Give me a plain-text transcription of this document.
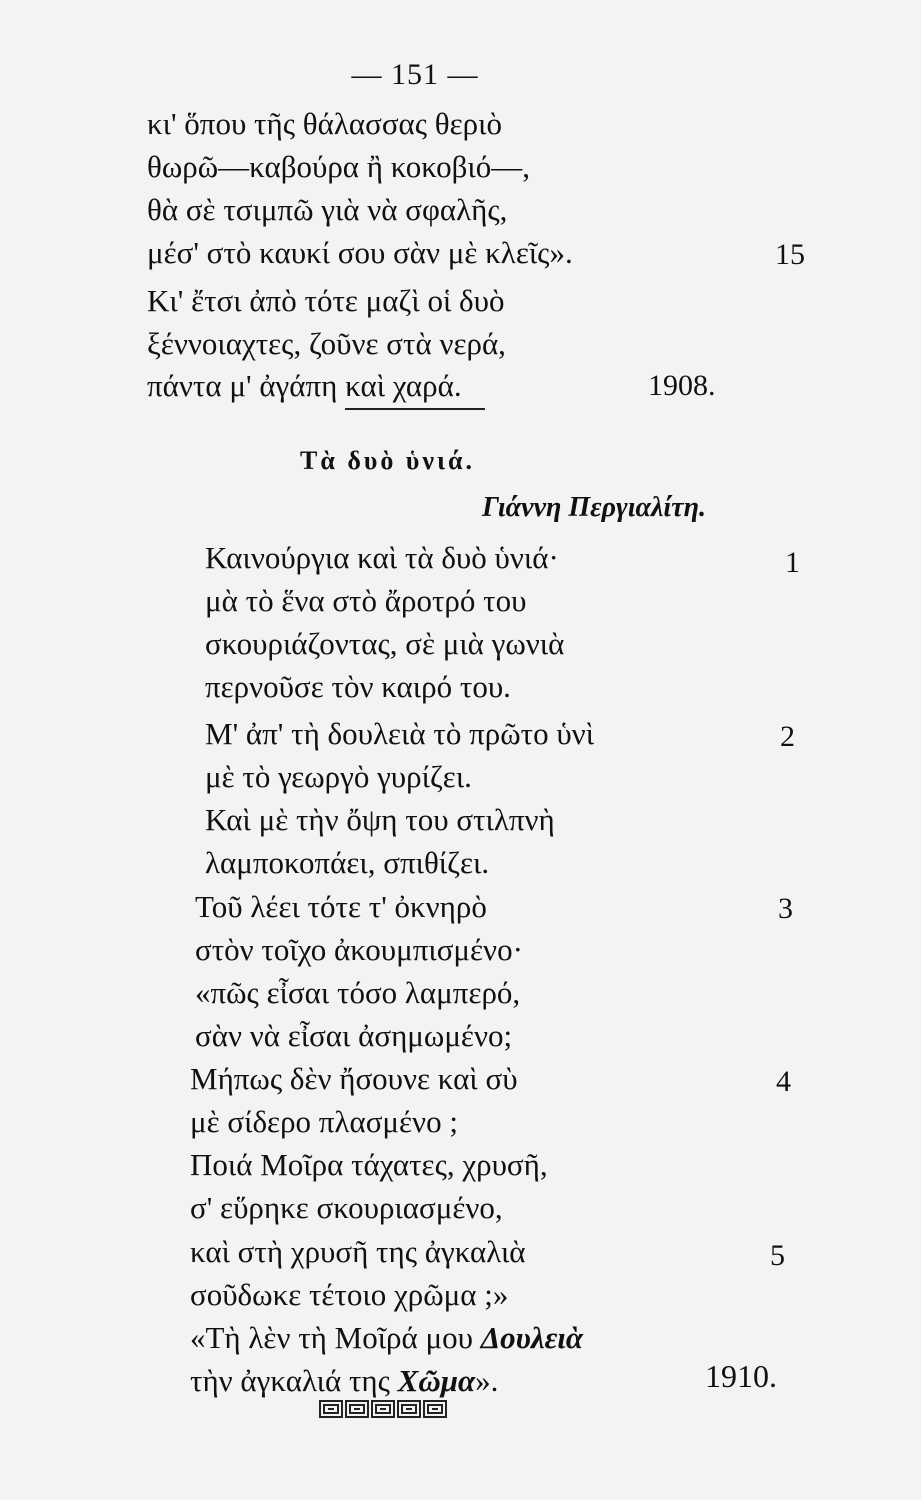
— 151 —
κι' ὅπου τῆς θάλασσας θεριὸ
θωρῶ—καβούρα ἢ κοκοβιό—,
θὰ σὲ τσιμπῶ γιὰ νὰ σφαλῆς,
μέσ' στὸ καυκί σου σὰν μὲ κλεῖς».	15
Κι' ἔτσι ἀπὸ τότε μαζὶ οἱ δυὸ
ξέννοιαχτες, ζοῦνε στὰ νερά,
πάντα μ' ἀγάπη καὶ χαρά.	1908.
Τὰ δυὸ ὑνιά.
Γιάννη Περγιαλίτη.
Καινούργια καὶ τὰ δυὸ ὑνιά·	1
μὰ τὸ ἕνα στὸ ἄροτρό του
σκουριάζοντας, σὲ μιὰ γωνιὰ
περνοῦσε τὸν καιρό του.
Μ' ἀπ' τὴ δουλειὰ τὸ πρῶτο ὑνὶ	2
μὲ τὸ γεωργὸ γυρίζει.
Καὶ μὲ τὴν ὄψη του στιλπνὴ
λαμποκοπάει, σπιθίζει.
Τοῦ λέει τότε τ' ὀκνηρὸ	3
στὸν τοῖχο ἀκουμπισμένο·
«πῶς εἶσαι τόσο λαμπερό,
σὰν νὰ εἶσαι ἀσημωμένο;
Μήπως δὲν ἤσουνε καὶ σὺ	4
μὲ σίδερο πλασμένο ;
Ποιά Μοῖρα τάχατες, χρυσῆ,
σ' εὕρηκε σκουριασμένο,
καὶ στὴ χρυσῆ της ἀγκαλιὰ	5
σοῦδωκε τέτοιο χρῶμα ;»
«Τὴ λὲν τὴ Μοῖρά μου Δουλειὰ
τὴν ἀγκαλιά της Χῶμα».	1910.
